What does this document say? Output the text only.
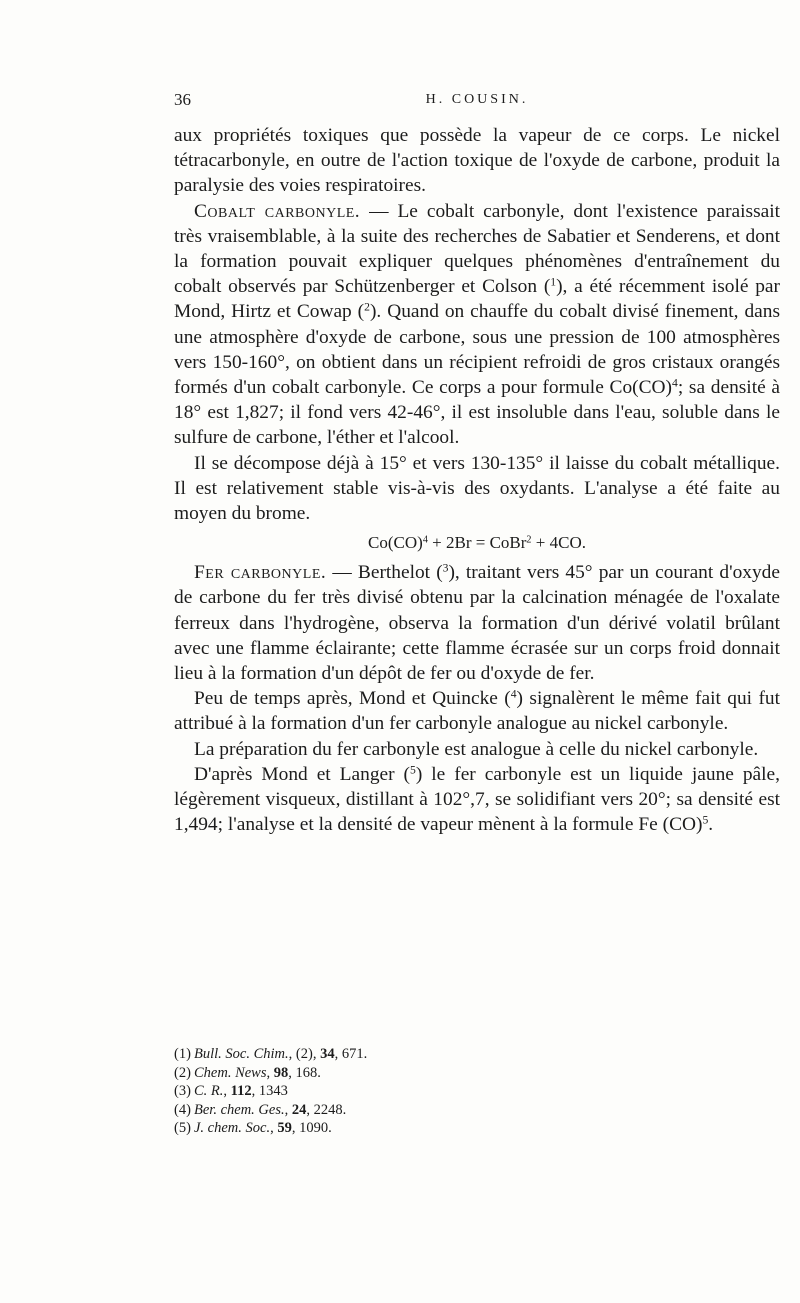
36	H. COUSIN.

aux propriétés toxiques que possède la vapeur de ce corps. Le nickel tétracarbonyle, en outre de l'action toxique de l'oxyde de carbone, produit la paralysie des voies respiratoires.

Cobalt carbonyle. — Le cobalt carbonyle, dont l'existence paraissait très vraisemblable, à la suite des recherches de Sabatier et Senderens, et dont la formation pouvait expliquer quelques phénomènes d'entraînement du cobalt observés par Schützenberger et Colson ($^1$), a été récemment isolé par Mond, Hirtz et Cowap ($^2$). Quand on chauffe du cobalt divisé finement, dans une atmosphère d'oxyde de carbone, sous une pression de 100 atmosphères vers 150-160°, on obtient dans un récipient refroidi de gros cristaux orangés formés d'un cobalt carbonyle. Ce corps a pour formule Co(CO)$^4$; sa densité à 18° est 1,827; il fond vers 42-46°, il est insoluble dans l'eau, soluble dans le sulfure de carbone, l'éther et l'alcool.

Il se décompose déjà à 15° et vers 130-135° il laisse du cobalt métallique. Il est relativement stable vis-à-vis des oxydants. L'analyse a été faite au moyen du brome.

Co(CO)$^4$ + 2Br = CoBr$^2$ + 4CO.

Fer carbonyle. — Berthelot ($^3$), traitant vers 45° par un courant d'oxyde de carbone du fer très divisé obtenu par la calcination ménagée de l'oxalate ferreux dans l'hydrogène, observa la formation d'un dérivé volatil brûlant avec une flamme éclairante; cette flamme écrasée sur un corps froid donnait lieu à la formation d'un dépôt de fer ou d'oxyde de fer.

Peu de temps après, Mond et Quincke ($^4$) signalèrent le même fait qui fut attribué à la formation d'un fer carbonyle analogue au nickel carbonyle.

La préparation du fer carbonyle est analogue à celle du nickel carbonyle.

D'après Mond et Langer ($^5$) le fer carbonyle est un liquide jaune pâle, légèrement visqueux, distillant à 102°,7, se solidifiant vers 20°; sa densité est 1,494; l'analyse et la densité de vapeur mènent à la formule Fe (CO)$^5$.

(1) Bull. Soc. Chim., (2), 34, 671.
(2) Chem. News, 98, 168.
(3) C. R., 112, 1343
(4) Ber. chem. Ges., 24, 2248.
(5) J. chem. Soc., 59, 1090.
